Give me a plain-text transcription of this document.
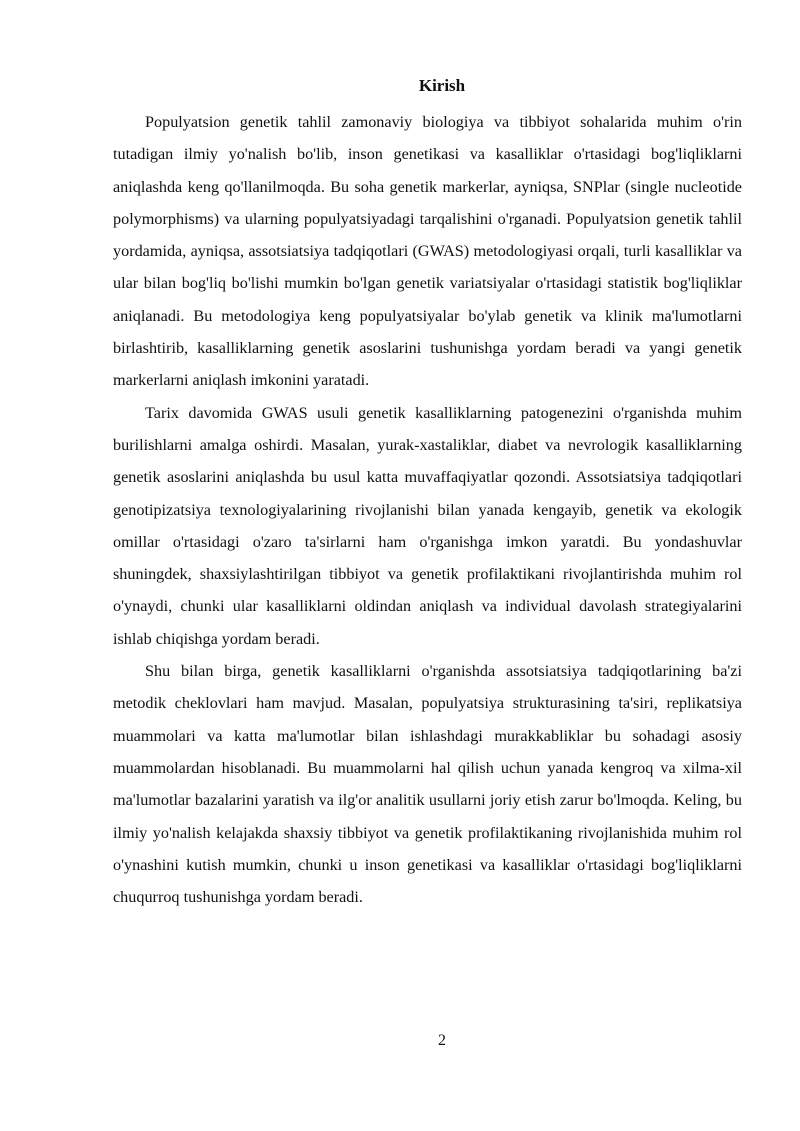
Kirish

Populyatsion genetik tahlil zamonaviy biologiya va tibbiyot sohalarida muhim o'rin tutadigan ilmiy yo'nalish bo'lib, inson genetikasi va kasalliklar o'rtasidagi bog'liqliklarni aniqlashda keng qo'llanilmoqda. Bu soha genetik markerlar, ayniqsa, SNPlar (single nucleotide polymorphisms) va ularning populyatsiyadagi tarqalishini o'rganadi. Populyatsion genetik tahlil yordamida, ayniqsa, assotsiatsiya tadqiqotlari (GWAS) metodologiyasi orqali, turli kasalliklar va ular bilan bog'liq bo'lishi mumkin bo'lgan genetik variatsiyalar o'rtasidagi statistik bog'liqliklar aniqlanadi. Bu metodologiya keng populyatsiyalar bo'ylab genetik va klinik ma'lumotlarni birlashtirib, kasalliklarning genetik asoslarini tushunishga yordam beradi va yangi genetik markerlarni aniqlash imkonini yaratadi.

Tarix davomida GWAS usuli genetik kasalliklarning patogenezini o'rganishda muhim burilishlarni amalga oshirdi. Masalan, yurak-xastaliklar, diabet va nevrologik kasalliklarning genetik asoslarini aniqlashda bu usul katta muvaffaqiyatlar qozondi. Assotsiatsiya tadqiqotlari genotipizatsiya texnologiyalarining rivojlanishi bilan yanada kengayib, genetik va ekologik omillar o'rtasidagi o'zaro ta'sirlarni ham o'rganishga imkon yaratdi. Bu yondashuvlar shuningdek, shaxsiylashtirilgan tibbiyot va genetik profilaktikani rivojlantirishda muhim rol o'ynaydi, chunki ular kasalliklarni oldindan aniqlash va individual davolash strategiyalarini ishlab chiqishga yordam beradi.

Shu bilan birga, genetik kasalliklarni o'rganishda assotsiatsiya tadqiqotlarining ba'zi metodik cheklovlari ham mavjud. Masalan, populyatsiya strukturasining ta'siri, replikatsiya muammolari va katta ma'lumotlar bilan ishlashdagi murakkabliklar bu sohadagi asosiy muammolardan hisoblanadi. Bu muammolarni hal qilish uchun yanada kengroq va xilma-xil ma'lumotlar bazalarini yaratish va ilg'or analitik usullarni joriy etish zarur bo'lmoqda. Keling, bu ilmiy yo'nalish kelajakda shaxsiy tibbiyot va genetik profilaktikaning rivojlanishida muhim rol o'ynashini kutish mumkin, chunki u inson genetikasi va kasalliklar o'rtasidagi bog'liqliklarni chuqurroq tushunishga yordam beradi.

2
